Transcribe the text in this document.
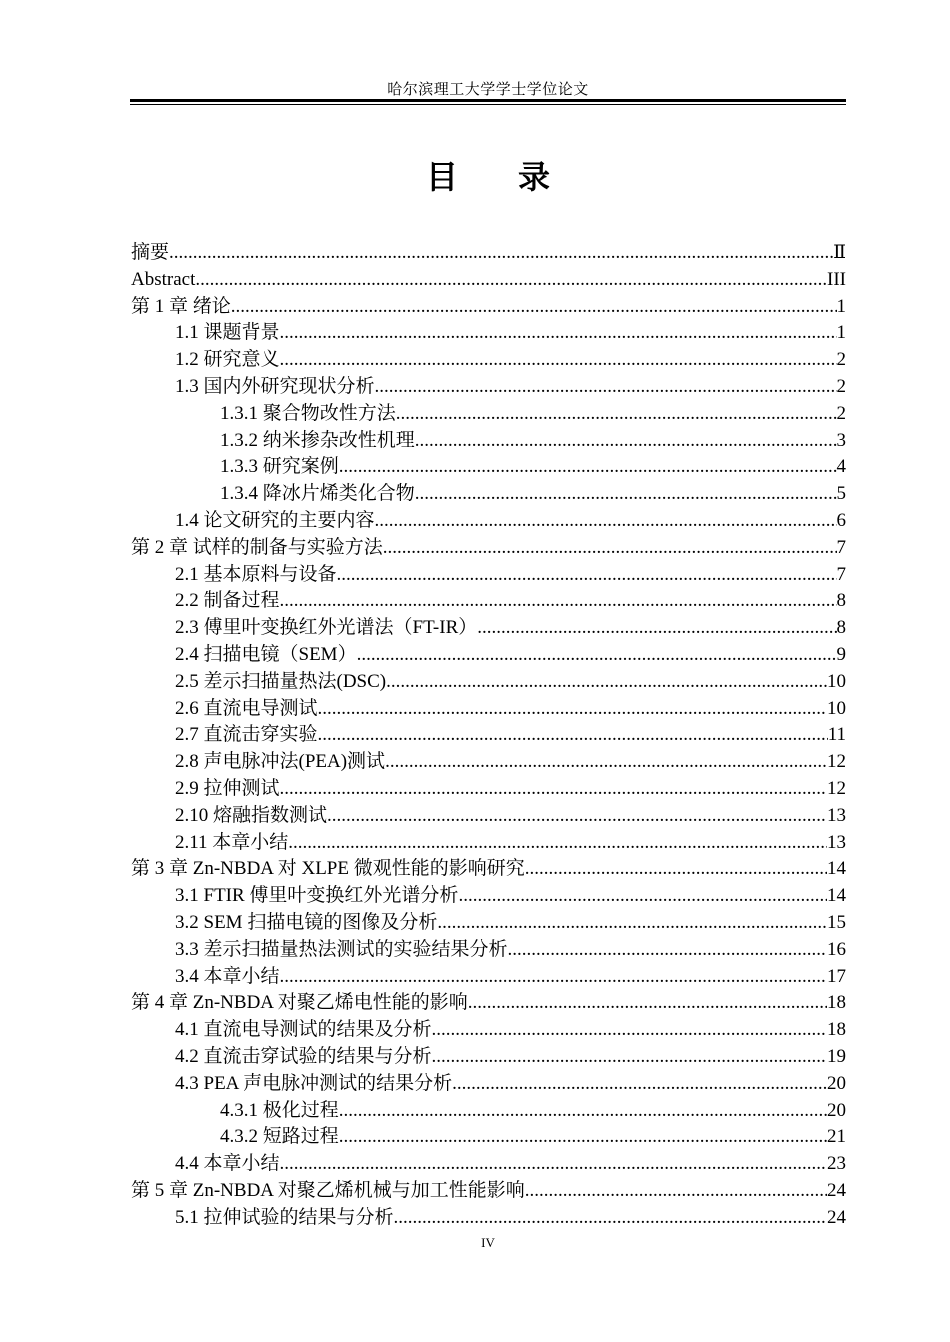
哈尔滨理工大学学士学位论文
目录
摘要 .....	Ⅱ
Abstract .....	III
第 1 章 绪论 .....	1
1.1 课题背景 .....	1
1.2 研究意义 .....	2
1.3 国内外研究现状分析 .....	2
1.3.1 聚合物改性方法 .....	2
1.3.2 纳米掺杂改性机理 .....	3
1.3.3 研究案例 .....	4
1.3.4 降冰片烯类化合物 .....	5
1.4 论文研究的主要内容 .....	6
第 2 章 试样的制备与实验方法 .....	7
2.1 基本原料与设备 .....	7
2.2 制备过程 .....	8
2.3 傅里叶变换红外光谱法（FT-IR） .....	8
2.4 扫描电镜（SEM） .....	9
2.5 差示扫描量热法(DSC) .....	10
2.6 直流电导测试 .....	10
2.7 直流击穿实验 .....	11
2.8 声电脉冲法(PEA)测试 .....	12
2.9 拉伸测试 .....	12
2.10 熔融指数测试 .....	13
2.11 本章小结 .....	13
第 3 章 Zn-NBDA 对 XLPE 微观性能的影响研究 .....	14
3.1 FTIR 傅里叶变换红外光谱分析 .....	14
3.2 SEM 扫描电镜的图像及分析 .....	15
3.3 差示扫描量热法测试的实验结果分析 .....	16
3.4 本章小结 .....	17
第 4 章 Zn-NBDA 对聚乙烯电性能的影响 .....	18
4.1 直流电导测试的结果及分析 .....	18
4.2 直流击穿试验的结果与分析 .....	19
4.3 PEA 声电脉冲测试的结果分析 .....	20
4.3.1 极化过程 .....	20
4.3.2 短路过程 .....	21
4.4 本章小结 .....	23
第 5 章 Zn-NBDA 对聚乙烯机械与加工性能影响 .....	24
5.1 拉伸试验的结果与分析 .....	24
IV
